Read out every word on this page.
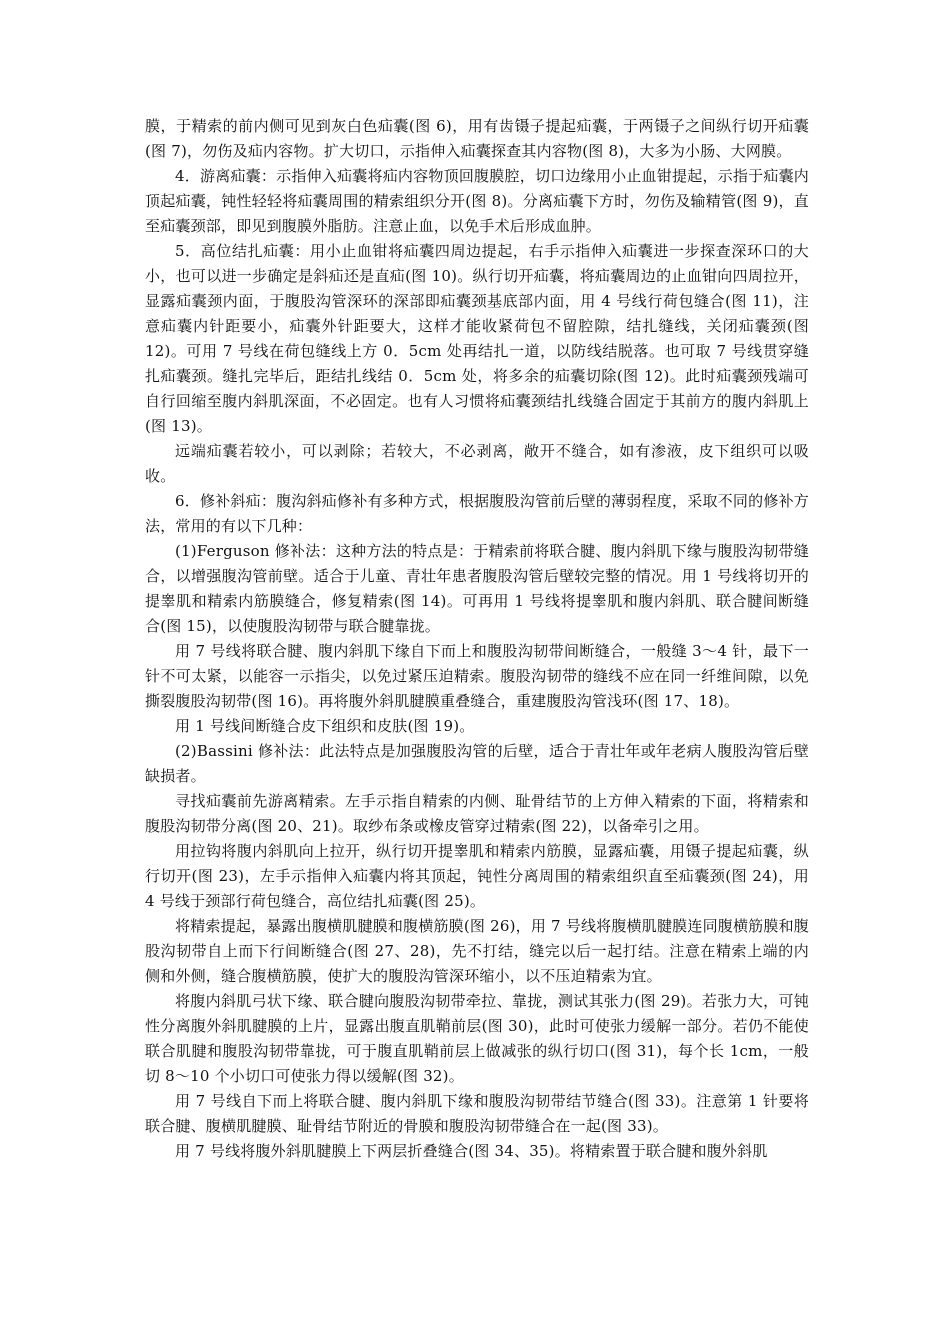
膜，于精索的前内侧可见到灰白色疝囊(图 6)，用有齿镊子提起疝囊，于两镊子之间纵行切开疝囊(图 7)，勿伤及疝内容物。扩大切口，示指伸入疝囊探查其内容物(图 8)，大多为小肠、大网膜。

4．游离疝囊：示指伸入疝囊将疝内容物顶回腹膜腔，切口边缘用小止血钳提起，示指于疝囊内顶起疝囊，钝性轻轻将疝囊周围的精索组织分开(图 8)。分离疝囊下方时，勿伤及输精管(图 9)，直至疝囊颈部，即见到腹膜外脂肪。注意止血，以免手术后形成血肿。

5．高位结扎疝囊：用小止血钳将疝囊四周边提起，右手示指伸入疝囊进一步探查深环口的大小，也可以进一步确定是斜疝还是直疝(图 10)。纵行切开疝囊，将疝囊周边的止血钳向四周拉开，显露疝囊颈内面，于腹股沟管深环的深部即疝囊颈基底部内面，用 4 号线行荷包缝合(图 11)，注意疝囊内针距要小，疝囊外针距要大，这样才能收紧荷包不留腔隙，结扎缝线，关闭疝囊颈(图 12)。可用 7 号线在荷包缝线上方 0．5cm 处再结扎一道，以防线结脱落。也可取 7 号线贯穿缝扎疝囊颈。缝扎完毕后，距结扎线结 0．5cm 处，将多余的疝囊切除(图 12)。此时疝囊颈残端可自行回缩至腹内斜肌深面，不必固定。也有人习惯将疝囊颈结扎线缝合固定于其前方的腹内斜肌上(图 13)。

远端疝囊若较小，可以剥除；若较大，不必剥离，敞开不缝合，如有渗液，皮下组织可以吸收。

6．修补斜疝：腹沟斜疝修补有多种方式，根据腹股沟管前后壁的薄弱程度，采取不同的修补方法，常用的有以下几种：

(1)Ferguson 修补法：这种方法的特点是：于精索前将联合腱、腹内斜肌下缘与腹股沟韧带缝合，以增强腹沟管前壁。适合于儿童、青壮年患者腹股沟管后壁较完整的情况。用 1 号线将切开的提睾肌和精索内筋膜缝合，修复精索(图 14)。可再用 1 号线将提睾肌和腹内斜肌、联合腱间断缝合(图 15)，以使腹股沟韧带与联合腱靠拢。

用 7 号线将联合腱、腹内斜肌下缘自下而上和腹股沟韧带间断缝合，一般缝 3～4 针，最下一针不可太紧，以能容一示指尖，以免过紧压迫精索。腹股沟韧带的缝线不应在同一纤维间隙，以免撕裂腹股沟韧带(图 16)。再将腹外斜肌腱膜重叠缝合，重建腹股沟管浅环(图 17、18)。

用 1 号线间断缝合皮下组织和皮肤(图 19)。

(2)Bassini 修补法：此法特点是加强腹股沟管的后壁，适合于青壮年或年老病人腹股沟管后壁缺损者。

寻找疝囊前先游离精索。左手示指自精索的内侧、耻骨结节的上方伸入精索的下面，将精索和腹股沟韧带分离(图 20、21)。取纱布条或橡皮管穿过精索(图 22)，以备牵引之用。

用拉钩将腹内斜肌向上拉开，纵行切开提睾肌和精索内筋膜，显露疝囊，用镊子提起疝囊，纵行切开(图 23)，左手示指伸入疝囊内将其顶起，钝性分离周围的精索组织直至疝囊颈(图 24)，用 4 号线于颈部行荷包缝合，高位结扎疝囊(图 25)。

将精索提起，暴露出腹横肌腱膜和腹横筋膜(图 26)，用 7 号线将腹横肌腱膜连同腹横筋膜和腹股沟韧带自上而下行间断缝合(图 27、28)，先不打结，缝完以后一起打结。注意在精索上端的内侧和外侧，缝合腹横筋膜，使扩大的腹股沟管深环缩小，以不压迫精索为宜。

将腹内斜肌弓状下缘、联合腱向腹股沟韧带牵拉、靠拢，测试其张力(图 29)。若张力大，可钝性分离腹外斜肌腱膜的上片，显露出腹直肌鞘前层(图 30)，此时可使张力缓解一部分。若仍不能使联合肌腱和腹股沟韧带靠拢，可于腹直肌鞘前层上做减张的纵行切口(图 31)，每个长 1cm，一般切 8～10 个小切口可使张力得以缓解(图 32)。

用 7 号线自下而上将联合腱、腹内斜肌下缘和腹股沟韧带结节缝合(图 33)。注意第 1 针要将联合腱、腹横肌腱膜、耻骨结节附近的骨膜和腹股沟韧带缝合在一起(图 33)。

用 7 号线将腹外斜肌腱膜上下两层折叠缝合(图 34、35)。将精索置于联合腱和腹外斜肌
